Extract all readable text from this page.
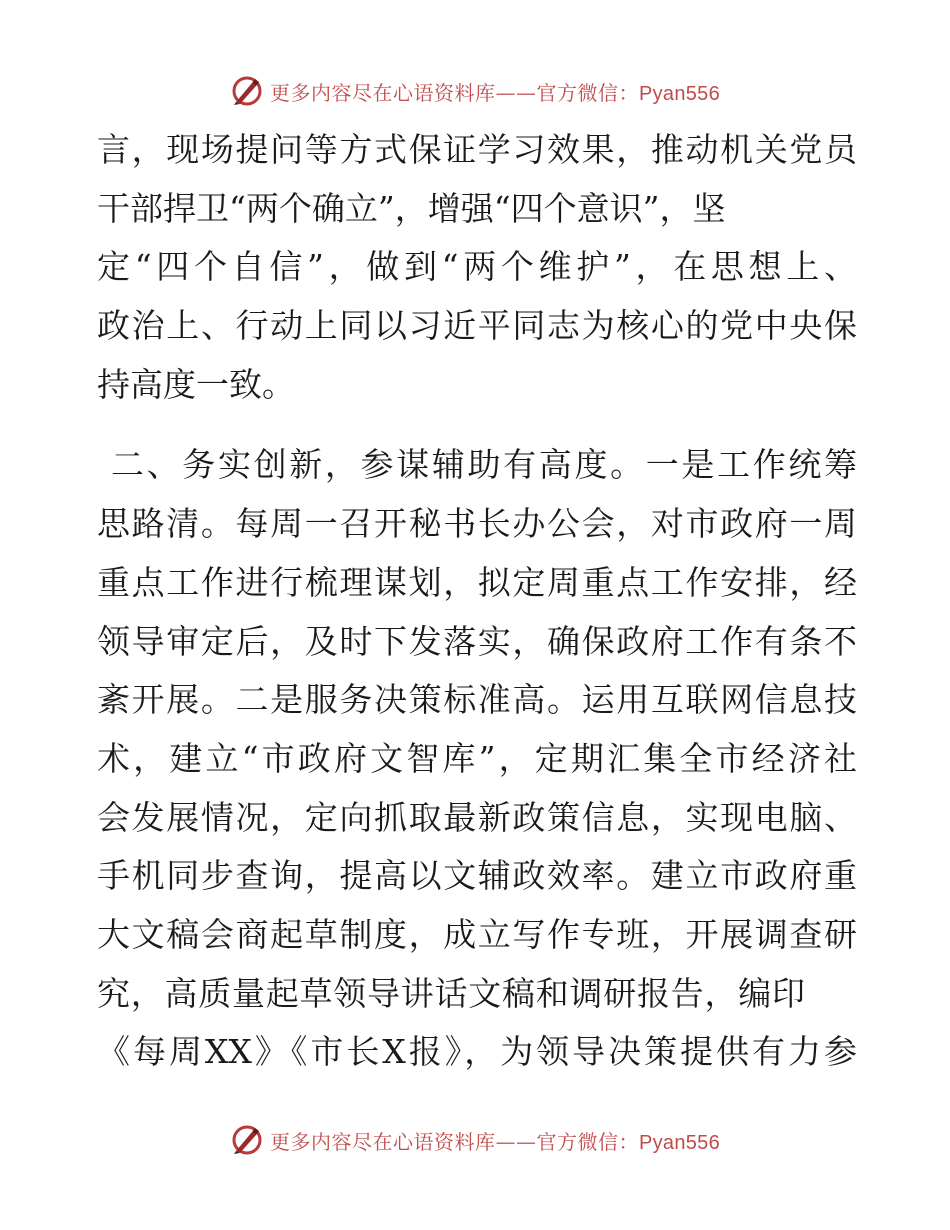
更多内容尽在心语资料库——官方微信：Pyan556
言，现场提问等方式保证学习效果，推动机关党员
干部捍卫“两个确立”，增强“四个意识”，坚
定“四个自信”，做到“两个维护”，在思想上、
政治上、行动上同以习近平同志为核心的党中央保
持高度一致。
二、务实创新，参谋辅助有高度。一是工作统筹
思路清。每周一召开秘书长办公会，对市政府一周
重点工作进行梳理谋划，拟定周重点工作安排，经
领导审定后，及时下发落实，确保政府工作有条不
紊开展。二是服务决策标准高。运用互联网信息技
术，建立“市政府文智库”，定期汇集全市经济社
会发展情况，定向抓取最新政策信息，实现电脑、
手机同步查询，提高以文辅政效率。建立市政府重
大文稿会商起草制度，成立写作专班，开展调查研
究，高质量起草领导讲话文稿和调研报告，编印
《每周XX》《市长X报》，为领导决策提供有力参
更多内容尽在心语资料库——官方微信：Pyan556
